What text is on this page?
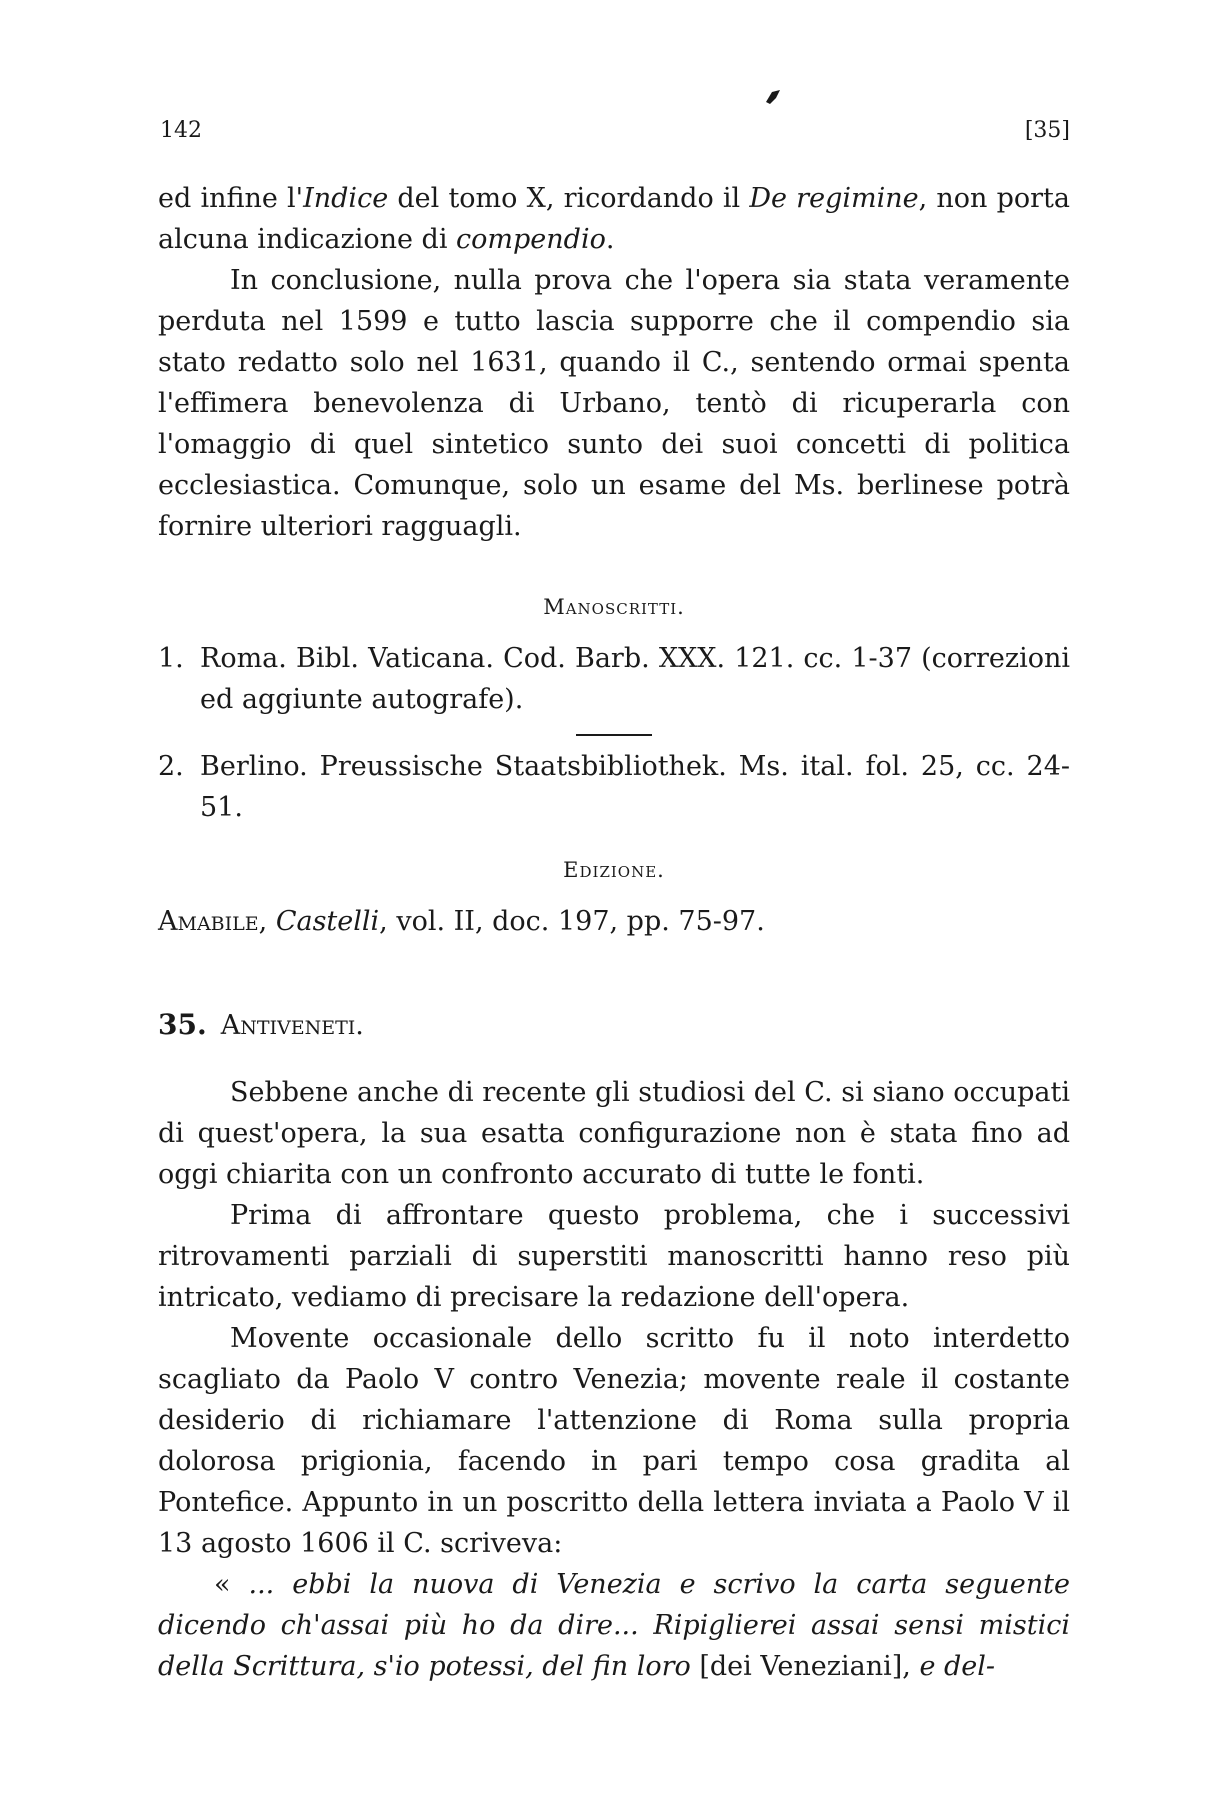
142	[35]

ed infine l'Indice del tomo X, ricordando il De regimine, non porta alcuna indicazione di compendio.

In conclusione, nulla prova che l'opera sia stata veramente perduta nel 1599 e tutto lascia supporre che il compendio sia stato redatto solo nel 1631, quando il C., sentendo ormai spenta l'effimera benevolenza di Urbano, tentò di ricuperarla con l'omaggio di quel sintetico sunto dei suoi concetti di politica ecclesiastica. Comunque, solo un esame del Ms. berlinese potrà fornire ulteriori ragguagli.

Manoscritti.
1. Roma. Bibl. Vaticana. Cod. Barb. XXX. 121. cc. 1-37 (correzioni ed aggiunte autografe).
2. Berlino. Preussische Staatsbibliothek. Ms. ital. fol. 25, cc. 24-51.
Edizione.

Amabile, Castelli, vol. II, doc. 197, pp. 75-97.

35. Antiveneti.

Sebbene anche di recente gli studiosi del C. si siano occupati di quest'opera, la sua esatta configurazione non è stata fino ad oggi chiarita con un confronto accurato di tutte le fonti.

Prima di affrontare questo problema, che i successivi ritrovamenti parziali di superstiti manoscritti hanno reso più intricato, vediamo di precisare la redazione dell'opera.

Movente occasionale dello scritto fu il noto interdetto scagliato da Paolo V contro Venezia; movente reale il costante desiderio di richiamare l'attenzione di Roma sulla propria dolorosa prigionia, facendo in pari tempo cosa gradita al Pontefice. Appunto in un poscritto della lettera inviata a Paolo V il 13 agosto 1606 il C. scriveva:

« ... ebbi la nuova di Venezia e scrivo la carta seguente dicendo ch'assai più ho da dire... Ripiglierei assai sensi mistici della Scrittura, s'io potessi, del fin loro [dei Veneziani], e del-
